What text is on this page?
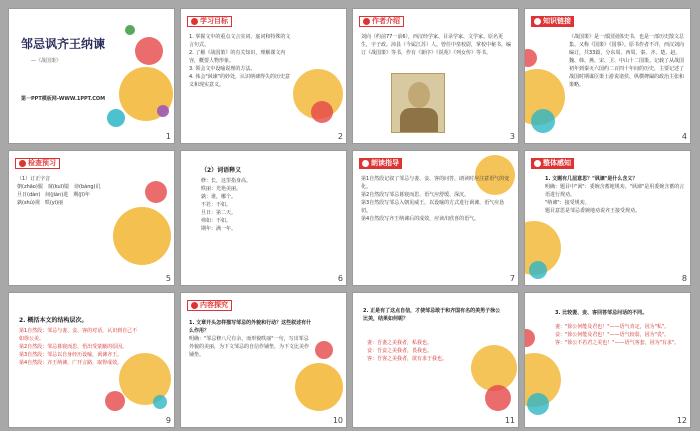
邹忌讽齐王纳谏
—《战国策》
第一PPT模板网-WWW.1PPT.COM
1
学习目标
1. 掌握文中的重点文言实词、虚词和特殊的文言句式。
2. 了解《战国策》的有关知识，理解课文内容，概要人物形象。
3. 领会文中设喻说理的方法。
4. 体会"讽谏"的妙处，认识纳谏得失的历史意义和现实意义。
2
作者介绍
刘向（约前77一前6），西汉经学家、目录学家、文学家。原名更生，字子政。沛县（今属江苏）人。曾任中垒校尉，掌校中秘书，编订《战国策》等书，作有《新序》《说苑》《列女传》等书。
3
知识链接
《战国策》是一部国别体史书，也是一部历史散文总集。又称《国策》《国事》。原书作者不详，西汉刘向编订，共33篇，分东周、西周、秦、齐、楚、赵、魏、韩、燕、宋、卫、中山十二国策。记载了从战国初年到秦灭六国约二百四十年间的历史，主要记述了战国时期谋臣策士游说诸侯、纵横捭阖的政治主张和策略。
4
检查预习
（1）订正字音
朝(zhāo)服　窥(kuī)镜　谤(bàng)讥
旦日(dàn)　间(jiàn)进　期(jī)年
孰(shú)视　昳(yì)丽
5
（2）词语释义
修：长，这里指身高。
昳丽：光艳美丽。
孰：谁，哪个。
不若：不如。
旦日：第二天。
弗如：不如。
期年：满一年。
6
朗读指导
第1自然段记叙了邹忌与妻、妾、客的问答，朗读时应注意语气的变化。
第2自然段写邹忌暮寝而思，语气应舒缓、深沉。
第3自然段写邹忌入朝见威王，以设喻的方式进行讽谏，语气应恳切。
第4自然段写齐王纳谏后的成效，应读出欣喜的语气。
7
整体感知
1. 文题有几层意思？"讽谏"是什么含义？
明确：题目中"讽"：委婉含蓄地规劝。"讽谏"是用委婉含蓄的言语进行规劝。
"纳谏"：接受规劝。
题目意思是邹忌委婉地劝说齐王接受规劝。
8
2. 概括本文的结构层次。
第1自然段：邹忌与妻、妾、客的对话，认识到自己不如徐公美。
第2自然段：邹忌暮寝而思，悟出受蒙蔽的原因。
第3自然段：邹忌以自身经历设喻，讽谏齐王。
第4自然段：齐王纳谏，广开言路，取得成效。
9
内容探究
1. 文章开头怎样描写邹忌的外貌和行动？这些叙述有什么作用？
明确："邹忌修八尺有余，而形貌昳丽"一句，写出邹忌外貌的美丽，为下文邹忌的自信作铺垫，为下文比美作铺垫。
10
2. 正是有了这点自信，才使邹忌敢于和齐国有名的美男子徐公比美，结果如何呢？
妻：吾妻之美我者，私我也。
妾：吾妾之美我者，畏我也。
客：吾客之美我者，欲有求于我也。
11
3. 比较妻、妾、客回答邹忌问话的不同。
妻："徐公何能及君也！"——语气肯定，因为"私"。
妾："徐公何能及君也！"——语气较弱，因为"畏"。
客："徐公不若君之美也！"——语气客套，因为"有求"。
12
